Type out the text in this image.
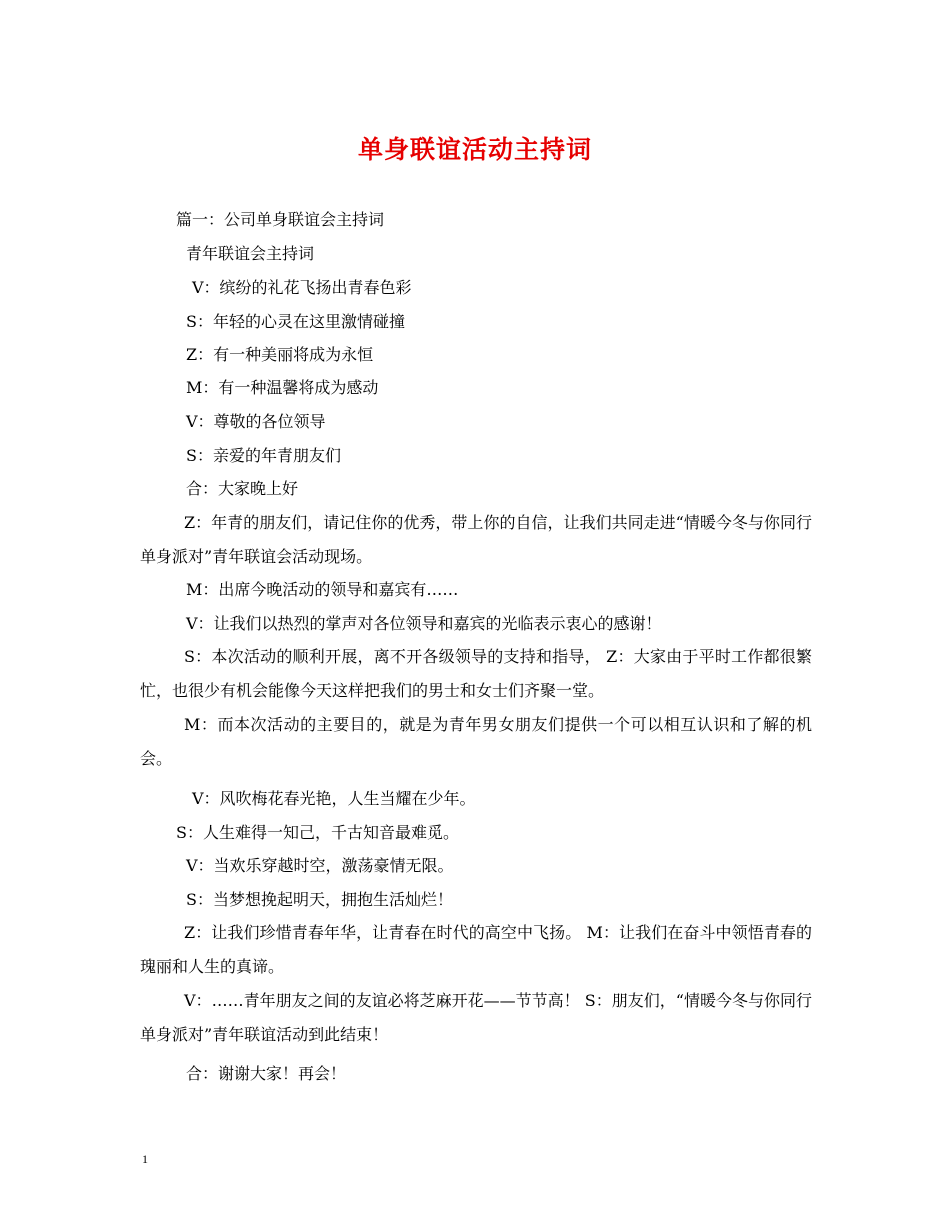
单身联谊活动主持词
篇一：公司单身联谊会主持词
青年联谊会主持词
V：缤纷的礼花飞扬出青春色彩
S：年轻的心灵在这里激情碰撞
Z：有一种美丽将成为永恒
M：有一种温馨将成为感动
V：尊敬的各位领导
S：亲爱的年青朋友们
合：大家晚上好
Z：年青的朋友们，请记住你的优秀，带上你的自信，让我们共同走进“情暖今冬与你同行单身派对”青年联谊会活动现场。
M：出席今晚活动的领导和嘉宾有……
V：让我们以热烈的掌声对各位领导和嘉宾的光临表示衷心的感谢！
S：本次活动的顺利开展，离不开各级领导的支持和指导， Z：大家由于平时工作都很繁忙，也很少有机会能像今天这样把我们的男士和女士们齐聚一堂。
M：而本次活动的主要目的，就是为青年男女朋友们提供一个可以相互认识和了解的机会。
V：风吹梅花春光艳，人生当耀在少年。
S：人生难得一知己，千古知音最难觅。
V：当欢乐穿越时空，激荡豪情无限。
S：当梦想挽起明天，拥抱生活灿烂！
Z：让我们珍惜青春年华，让青春在时代的高空中飞扬。 M：让我们在奋斗中领悟青春的瑰丽和人生的真谛。
V：……青年朋友之间的友谊必将芝麻开花——节节高！ S：朋友们，“情暖今冬与你同行单身派对”青年联谊活动到此结束！
合：谢谢大家！再会！
1
